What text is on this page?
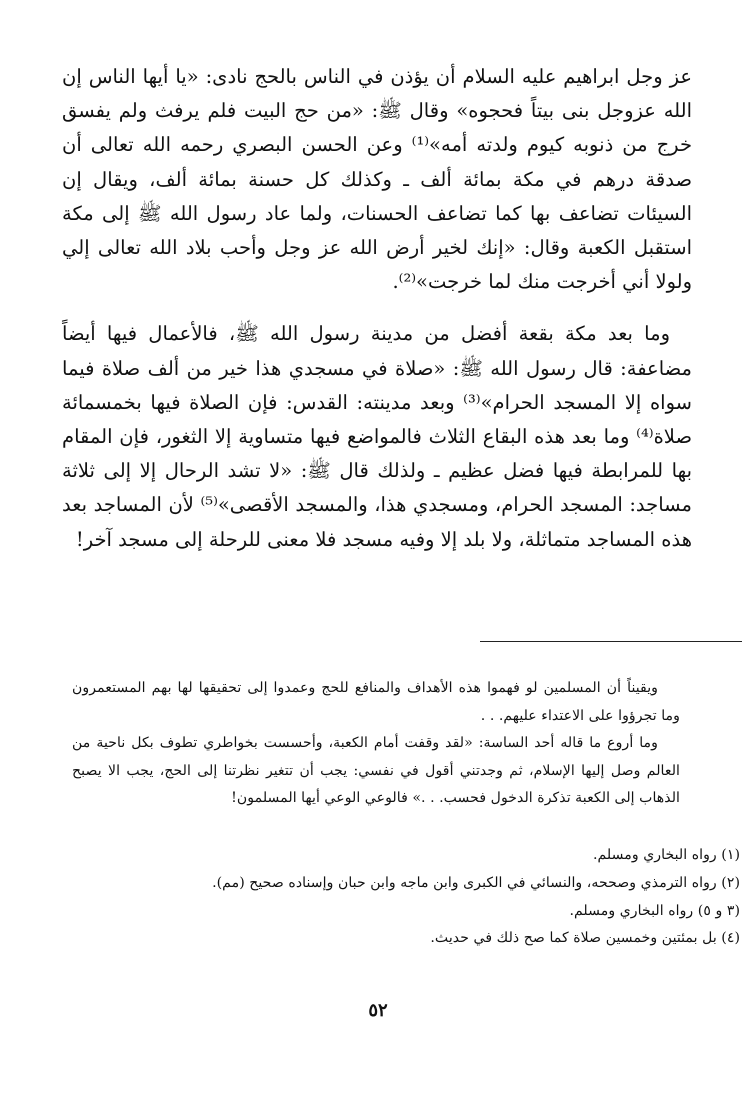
عز وجل ابراهيم عليه السلام أن يؤذن في الناس بالحج نادى: «يا أيها الناس إن الله عزوجل بنى بيتاً فحجوه» وقال ﷺ: «من حج البيت فلم يرفث ولم يفسق خرج من ذنوبه كيوم ولدته أمه»⁽¹⁾ وعن الحسن البصري رحمه الله تعالى أن صدقة درهم في مكة بمائة ألف ـ وكذلك كل حسنة بمائة ألف، ويقال إن السيئات تضاعف بها كما تضاعف الحسنات، ولما عاد رسول الله ﷺ إلى مكة استقبل الكعبة وقال: «إنك لخير أرض الله عز وجل وأحب بلاد الله تعالى إلي ولولا أني أخرجت منك لما خرجت»⁽²⁾.

وما بعد مكة بقعة أفضل من مدينة رسول الله ﷺ، فالأعمال فيها أيضاً مضاعفة: قال رسول الله ﷺ: «صلاة في مسجدي هذا خير من ألف صلاة فيما سواه إلا المسجد الحرام»⁽³⁾ وبعد مدينته: القدس: فإن الصلاة فيها بخمسمائة صلاة⁽⁴⁾ وما بعد هذه البقاع الثلاث فالمواضع فيها متساوية إلا الثغور، فإن المقام بها للمرابطة فيها فضل عظيم ـ ولذلك قال ﷺ: «لا تشد الرحال إلا إلى ثلاثة مساجد: المسجد الحرام، ومسجدي هذا، والمسجد الأقصى»⁽⁵⁾ لأن المساجد بعد هذه المساجد متماثلة، ولا بلد إلا وفيه مسجد فلا معنى للرحلة إلى مسجد آخر!

ويقيناً أن المسلمين لو فهموا هذه الأهداف والمنافع للحج وعمدوا إلى تحقيقها لها بهم المستعمرون وما تجرؤوا على الاعتداء عليهم. . .

وما أروع ما قاله أحد الساسة: «لقد وقفت أمام الكعبة، وأحسست بخواطري تطوف بكل ناحية من العالم وصل إليها الإسلام، ثم وجدتني أقول في نفسي: يجب أن تتغير نظرتنا إلى الحج، يجب الا يصبح الذهاب إلى الكعبة تذكرة الدخول فحسب. . .» فالوعي الوعي أيها المسلمون!

(١) رواه البخاري ومسلم.
(٢) رواه الترمذي وصححه، والنسائي في الكبرى وابن ماجه وابن حبان وإسناده صحيح (مم).
(٣ و ٥) رواه البخاري ومسلم.
(٤) بل بمئتين وخمسين صلاة كما صح ذلك في حديث.
٥٢
